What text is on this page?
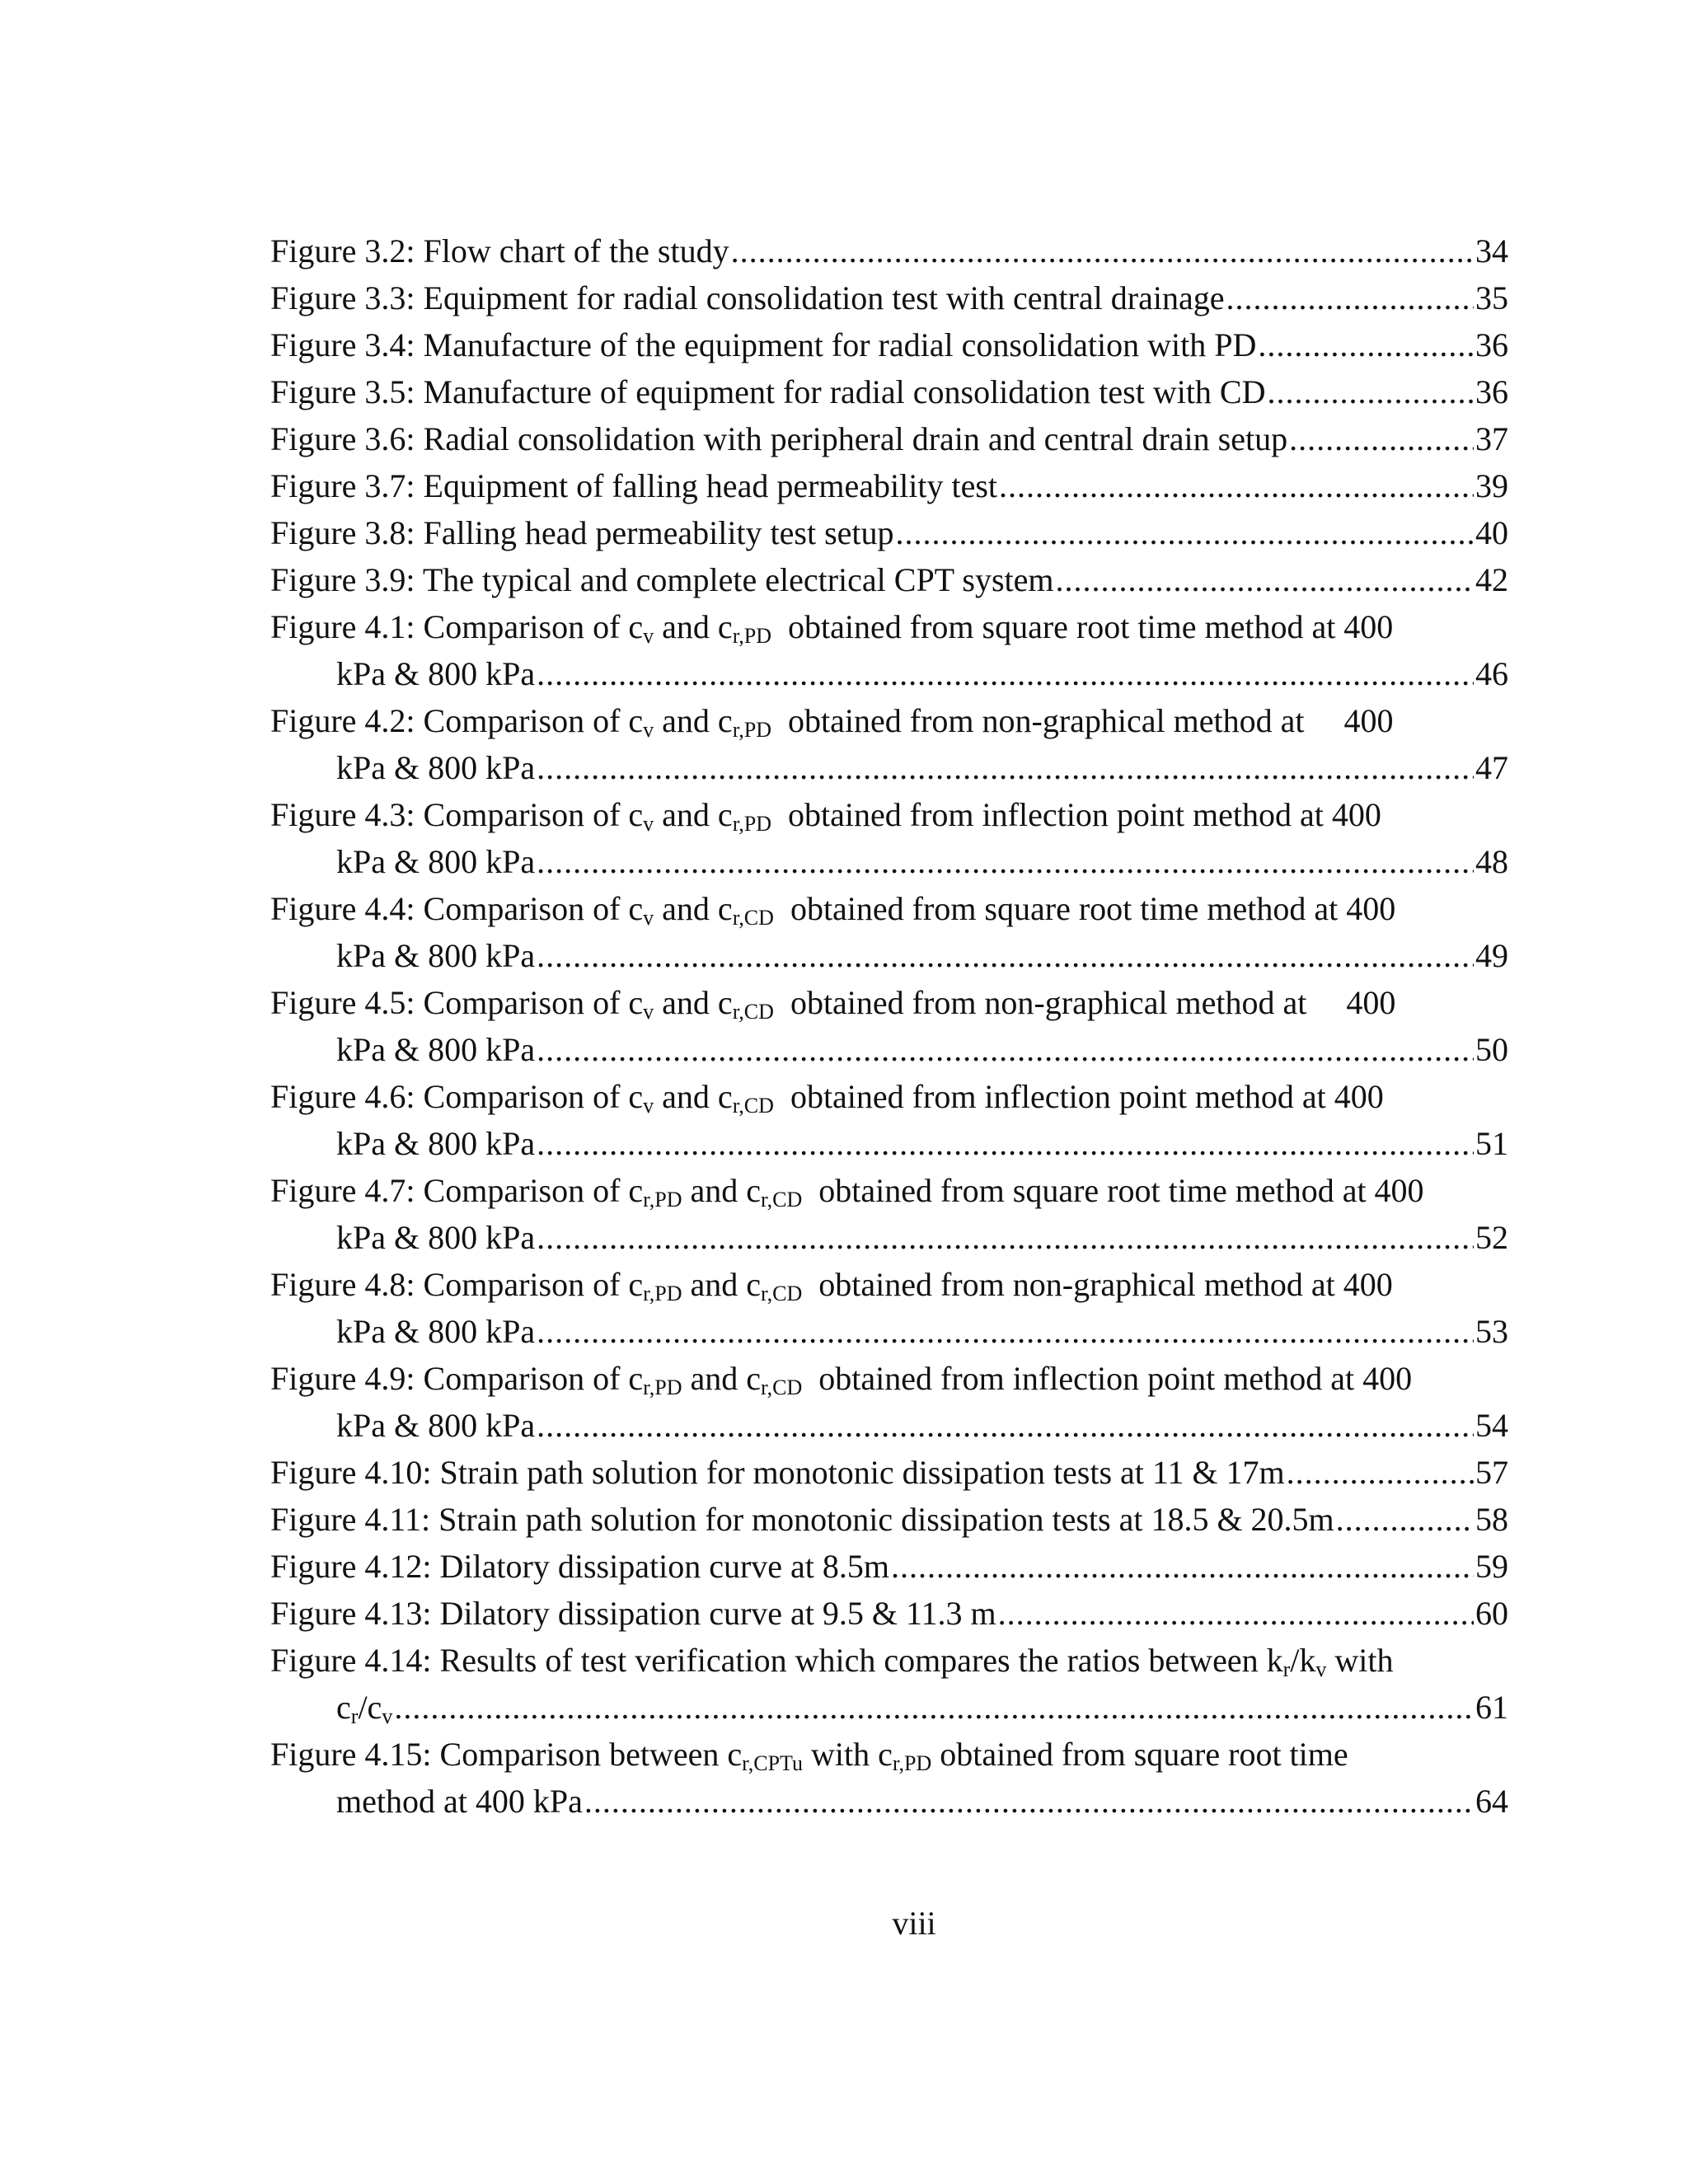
Figure 3.2: Flow chart of the study .....	34
Figure 3.3: Equipment for radial consolidation test with central drainage .....	35
Figure 3.4: Manufacture of the equipment for radial consolidation with PD .....	36
Figure 3.5: Manufacture of equipment for radial consolidation test with CD .....	36
Figure 3.6: Radial consolidation with peripheral drain and central drain setup .....	37
Figure 3.7: Equipment of falling head permeability test .....	39
Figure 3.8: Falling head permeability test setup .....	40
Figure 3.9: The typical and complete electrical CPT system .....	42
Figure 4.1: Comparison of $c_v$ and $c_{r,PD}$ obtained from square root time method at 400
kPa & 800 kPa .....	46
Figure 4.2: Comparison of $c_v$ and $c_{r,PD}$ obtained from non-graphical method at 400
kPa & 800 kPa .....	47
Figure 4.3: Comparison of $c_v$ and $c_{r,PD}$ obtained from inflection point method at 400
kPa & 800 kPa .....	48
Figure 4.4: Comparison of $c_v$ and $c_{r,CD}$ obtained from square root time method at 400
kPa & 800 kPa .....	49
Figure 4.5: Comparison of $c_v$ and $c_{r,CD}$ obtained from non-graphical method at 400
kPa & 800 kPa .....	50
Figure 4.6: Comparison of $c_v$ and $c_{r,CD}$ obtained from inflection point method at 400
kPa & 800 kPa .....	51
Figure 4.7: Comparison of $c_{r,PD}$ and $c_{r,CD}$ obtained from square root time method at 400
kPa & 800 kPa .....	52
Figure 4.8: Comparison of $c_{r,PD}$ and $c_{r,CD}$ obtained from non-graphical method at 400
kPa & 800 kPa .....	53
Figure 4.9: Comparison of $c_{r,PD}$ and $c_{r,CD}$ obtained from inflection point method at 400
kPa & 800 kPa .....	54
Figure 4.10: Strain path solution for monotonic dissipation tests at 11 & 17m .....	57
Figure 4.11: Strain path solution for monotonic dissipation tests at 18.5 & 20.5m .....	58
Figure 4.12: Dilatory dissipation curve at 8.5m .....	59
Figure 4.13: Dilatory dissipation curve at 9.5 & 11.3 m .....	60
Figure 4.14: Results of test verification which compares the ratios between $k_r/k_v$ with
$c_r/c_v$ .....	61
Figure 4.15: Comparison between $c_{r,CPTu}$ with $c_{r,PD}$ obtained from square root time
method at 400 kPa .....	64
viii
